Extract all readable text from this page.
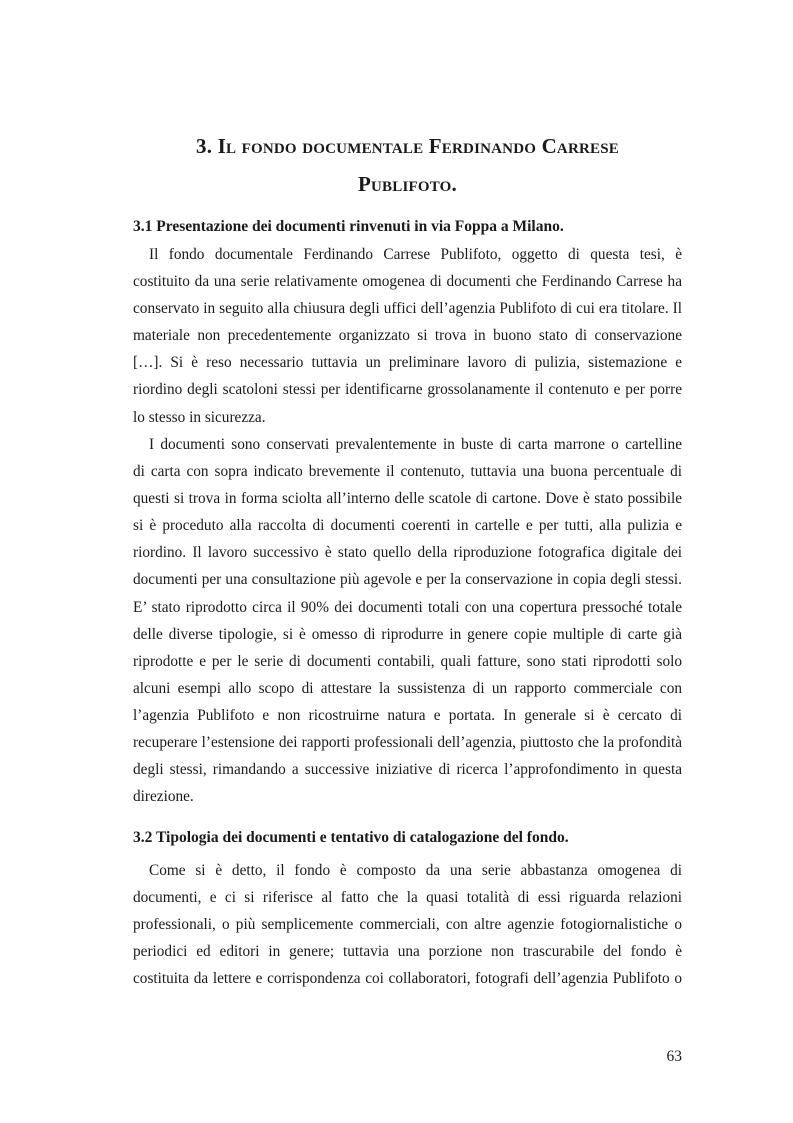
3. Il fondo documentale Ferdinando Carrese
Publifoto.
3.1 Presentazione dei documenti rinvenuti in via Foppa a Milano.
Il fondo documentale Ferdinando Carrese Publifoto, oggetto di questa tesi, è
costituito da una serie relativamente omogenea di documenti che Ferdinando Carrese ha
conservato in seguito alla chiusura degli uffici dell’agenzia Publifoto di cui era titolare. Il
materiale non precedentemente organizzato si trova in buono stato di conservazione
[…]. Si è reso necessario tuttavia un preliminare lavoro di pulizia, sistemazione e
riordino degli scatoloni stessi per identificarne grossolanamente il contenuto e per porre
lo stesso in sicurezza.
I documenti sono conservati prevalentemente in buste di carta marrone o cartelline
di carta con sopra indicato brevemente il contenuto, tuttavia una buona percentuale di
questi si trova in forma sciolta all’interno delle scatole di cartone. Dove è stato possibile
si è proceduto alla raccolta di documenti coerenti in cartelle e per tutti, alla pulizia e
riordino. Il lavoro successivo è stato quello della riproduzione fotografica digitale dei
documenti per una consultazione più agevole e per la conservazione in copia degli stessi.
E’ stato riprodotto circa il 90% dei documenti totali con una copertura pressoché totale
delle diverse tipologie, si è omesso di riprodurre in genere copie multiple di carte già
riprodotte e per le serie di documenti contabili, quali fatture, sono stati riprodotti solo
alcuni esempi allo scopo di attestare la sussistenza di un rapporto commerciale con
l’agenzia Publifoto e non ricostruirne natura e portata. In generale si è cercato di
recuperare l’estensione dei rapporti professionali dell’agenzia, piuttosto che la profondità
degli stessi, rimandando a successive iniziative di ricerca l’approfondimento in questa
direzione.
3.2 Tipologia dei documenti e tentativo di catalogazione del fondo.
Come si è detto, il fondo è composto da una serie abbastanza omogenea di
documenti, e ci si riferisce al fatto che la quasi totalità di essi riguarda relazioni
professionali, o più semplicemente commerciali, con altre agenzie fotogiornalistiche o
periodici ed editori in genere; tuttavia una porzione non trascurabile del fondo è
costituita da lettere e corrispondenza coi collaboratori, fotografi dell’agenzia Publifoto o
63
